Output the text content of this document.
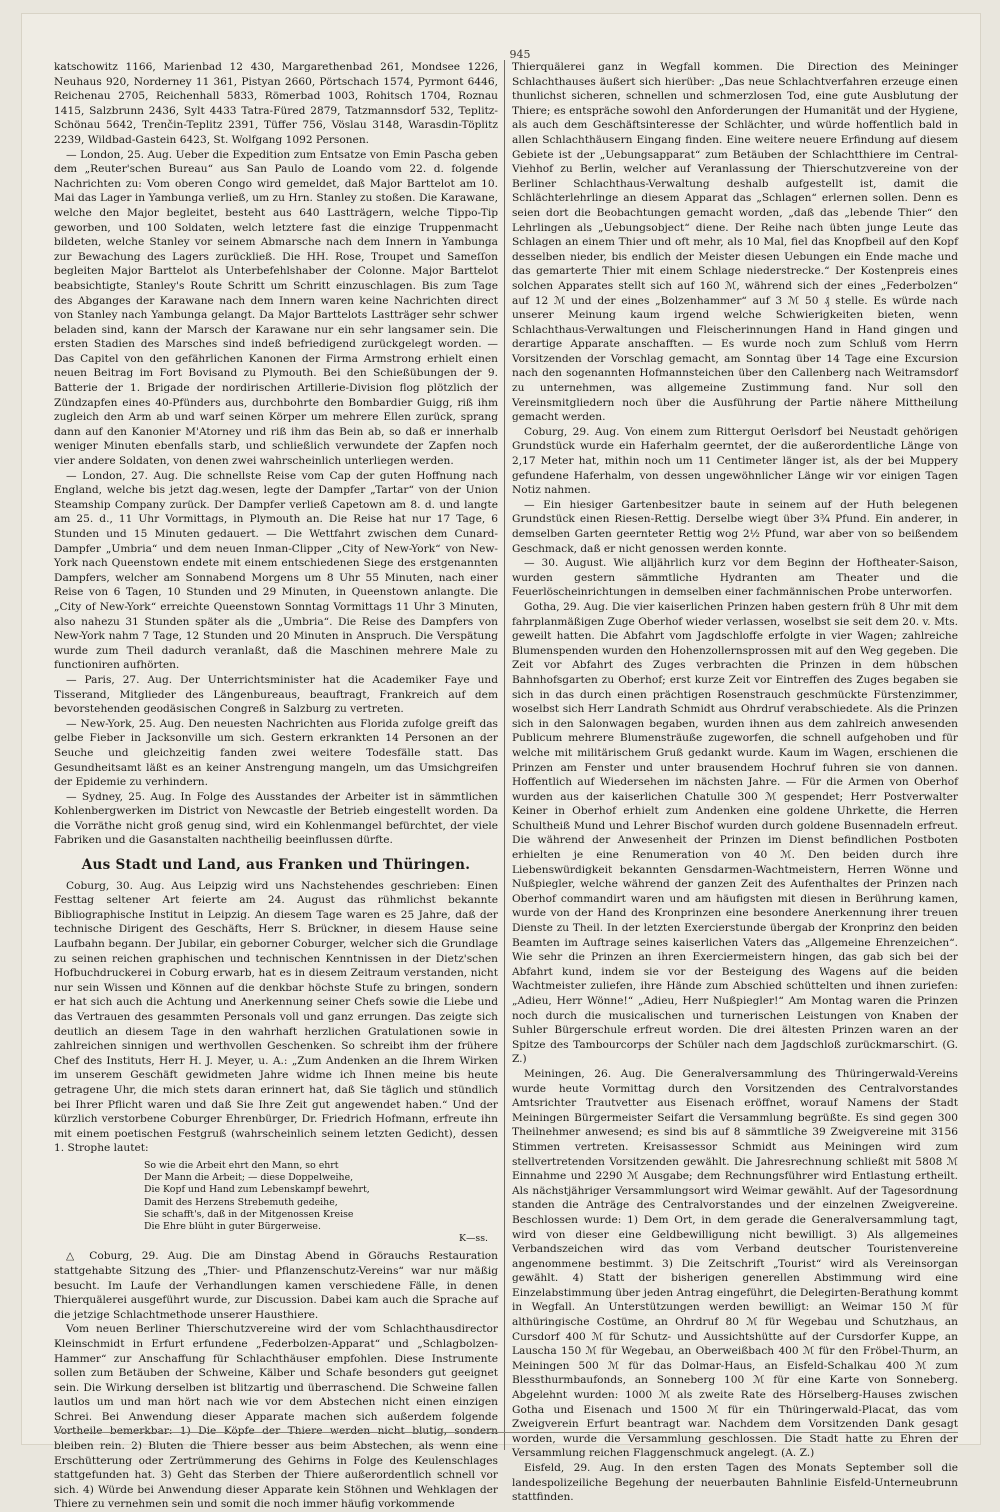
945

katschowitz 1166, Marienbad 12 430, Margarethenbad 261, Mondsee 1226, Neuhaus 920, Norderney 11 361, Pistyan 2660, Pörtschach 1574, Pyrmont 6446, Reichenau 2705, Reichenhall 5833, Römerbad 1003, Rohitsch 1704, Roznau 1415, Salzbrunn 2436, Sylt 4433 Tatra-Füred 2879, Tatzmannsdorf 532, Teplitz-Schönau 5642, Trenčin-Teplitz 2391, Tüffer 756, Vöslau 3148, Warasdin-Töplitz 2239, Wildbad-Gastein 6423, St. Wolfgang 1092 Personen.

— London, 25. Aug. Ueber die Expedition zum Entsatze von Emin Pascha geben dem „Reuter'schen Bureau“ aus San Paulo de Loando vom 22. d. folgende Nachrichten zu: Vom oberen Congo wird gemeldet, daß Major Barttelot am 10. Mai das Lager in Yambunga verließ, um zu Hrn. Stanley zu stoßen. Die Karawane, welche den Major begleitet, besteht aus 640 Lastträgern, welche Tippo-Tip geworben, und 100 Soldaten, welch letztere fast die einzige Truppenmacht bildeten, welche Stanley vor seinem Abmarsche nach dem Innern in Yambunga zur Bewachung des Lagers zurückließ. Die HH. Rose, Troupet und Sameſſon begleiten Major Barttelot als Unterbefehlshaber der Colonne. Major Barttelot beabsichtigte, Stanley's Route Schritt um Schritt einzuschlagen. Bis zum Tage des Abganges der Karawane nach dem Innern waren keine Nachrichten direct von Stanley nach Yambunga gelangt. Da Major Barttelots Lastträger sehr schwer beladen sind, kann der Marsch der Karawane nur ein sehr langsamer sein. Die ersten Stadien des Marsches sind indeß befriedigend zurückgelegt worden. — Das Capitel von den gefährlichen Kanonen der Firma Armstrong erhielt einen neuen Beitrag im Fort Bovisand zu Plymouth. Bei den Schießübungen der 9. Batterie der 1. Brigade der nordirischen Artillerie-Division flog plötzlich der Zündzapfen eines 40-Pfünders aus, durchbohrte den Bombardier Guigg, riß ihm zugleich den Arm ab und warf seinen Körper um mehrere Ellen zurück, sprang dann auf den Kanonier M'Atorney und riß ihm das Bein ab, so daß er innerhalb weniger Minuten ebenfalls starb, und schließlich verwundete der Zapfen noch vier andere Soldaten, von denen zwei wahrscheinlich unterliegen werden.

— London, 27. Aug. Die schnellste Reise vom Cap der guten Hoffnung nach England, welche bis jetzt dag.wesen, legte der Dampfer „Tartar“ von der Union Steamship Company zurück. Der Dampfer verließ Capetown am 8. d. und langte am 25. d., 11 Uhr Vormittags, in Plymouth an. Die Reise hat nur 17 Tage, 6 Stunden und 15 Minuten gedauert. — Die Wettfahrt zwischen dem Cunard-Dampfer „Umbria“ und dem neuen Inman-Clipper „City of New-York“ von New-York nach Queenstown endete mit einem entschiedenen Siege des erstgenannten Dampfers, welcher am Sonnabend Morgens um 8 Uhr 55 Minuten, nach einer Reise von 6 Tagen, 10 Stunden und 29 Minuten, in Queenstown anlangte. Die „City of New-York“ erreichte Queenstown Sonntag Vormittags 11 Uhr 3 Minuten, also nahezu 31 Stunden später als die „Umbria“. Die Reise des Dampfers von New-York nahm 7 Tage, 12 Stunden und 20 Minuten in Anspruch. Die Verspätung wurde zum Theil dadurch veranlaßt, daß die Maschinen mehrere Male zu functioniren aufhörten.

— Paris, 27. Aug. Der Unterrichtsminister hat die Academiker Faye und Tisserand, Mitglieder des Längenbureaus, beauftragt, Frankreich auf dem bevorstehenden geodäsischen Congreß in Salzburg zu vertreten.

— New-York, 25. Aug. Den neuesten Nachrichten aus Florida zufolge greift das gelbe Fieber in Jacksonville um sich. Gestern erkrankten 14 Personen an der Seuche und gleichzeitig fanden zwei weitere Todesfälle statt. Das Gesundheitsamt läßt es an keiner Anstrengung mangeln, um das Umsichgreifen der Epidemie zu verhindern.

— Sydney, 25. Aug. In Folge des Ausstandes der Arbeiter ist in sämmtlichen Kohlenbergwerken im District von Newcastle der Betrieb eingestellt worden. Da die Vorräthe nicht groß genug sind, wird ein Kohlenmangel befürchtet, der viele Fabriken und die Gasanstalten nachtheilig beeinflussen dürfte.

Aus Stadt und Land, aus Franken und Thüringen.

Coburg, 30. Aug. Aus Leipzig wird uns Nachstehendes geschrieben: Einen Festtag seltener Art feierte am 24. August das rühmlichst bekannte Bibliographische Institut in Leipzig. An diesem Tage waren es 25 Jahre, daß der technische Dirigent des Geschäfts, Herr S. Brückner, in diesem Hause seine Laufbahn begann. Der Jubilar, ein geborner Coburger, welcher sich die Grundlage zu seinen reichen graphischen und technischen Kenntnissen in der Dietz'schen Hofbuchdruckerei in Coburg erwarb, hat es in diesem Zeitraum verstanden, nicht nur sein Wissen und Können auf die denkbar höchste Stufe zu bringen, sondern er hat sich auch die Achtung und Anerkennung seiner Chefs sowie die Liebe und das Vertrauen des gesammten Personals voll und ganz errungen. Das zeigte sich deutlich an diesem Tage in den wahrhaft herzlichen Gratulationen sowie in zahlreichen sinnigen und werthvollen Geschenken. So schreibt ihm der frühere Chef des Instituts, Herr H. J. Meyer, u. A.: „Zum Andenken an die Ihrem Wirken im unserem Geschäft gewidmeten Jahre widme ich Ihnen meine bis heute getragene Uhr, die mich stets daran erinnert hat, daß Sie täglich und stündlich bei Ihrer Pflicht waren und daß Sie Ihre Zeit gut angewendet haben.“ Und der kürzlich verstorbene Coburger Ehrenbürger, Dr. Friedrich Hofmann, erfreute ihn mit einem poetischen Festgruß (wahrscheinlich seinem letzten Gedicht), dessen 1. Strophe lautet:

So wie die Arbeit ehrt den Mann, so ehrt
Der Mann die Arbeit; — diese Doppelweihe,
Die Kopf und Hand zum Lebenskampf bewehrt,
Damit des Herzens Strebemuth gedeihe,
Sie schafft's, daß in der Mitgenossen Kreise
Die Ehre blüht in guter Bürgerweise.
K—ss.

△ Coburg, 29. Aug. Die am Dinstag Abend in Görauchs Restauration stattgehabte Sitzung des „Thier- und Pflanzenschutz-Vereins“ war nur mäßig besucht. Im Laufe der Verhandlungen kamen verschiedene Fälle, in denen Thierquälerei ausgeführt wurde, zur Discussion. Dabei kam auch die Sprache auf die jetzige Schlachtmethode unserer Hausthiere.

Vom neuen Berliner Thierschutzvereine wird der vom Schlachthausdirector Kleinschmidt in Erfurt erfundene „Federbolzen-Apparat“ und „Schlagbolzen-Hammer“ zur Anschaffung für Schlachthäuser empfohlen. Diese Instrumente sollen zum Betäuben der Schweine, Kälber und Schafe besonders gut geeignet sein. Die Wirkung derselben ist blitzartig und überraschend. Die Schweine fallen lautlos um und man hört nach wie vor dem Abstechen nicht einen einzigen Schrei. Bei Anwendung dieser Apparate machen sich außerdem folgende bleiben rein. 2) Bluten die Thiere besser aus beim Abstechen, als wenn eine Erschütterung oder Zertrümmerung des Gehirns in Folge des Keulenschlages stattgefunden hat. 3) Geht das Sterben der Thiere außerordentlich schnell vor sich. 4) Würde bei Anwendung dieser Apparate kein Stöhnen und Wehklagen der Thiere zu vernehmen sein und somit die noch immer häufig vorkommende

Thierquälerei ganz in Wegfall kommen. Die Direction des Meininger Schlachthauses äußert sich hierüber: „Das neue Schlachtverfahren erzeuge einen thunlichst sicheren, schnellen und schmerzlosen Tod, eine gute Ausblutung der Thiere; es entspräche sowohl den Anforderungen der Humanität und der Hygiene, als auch dem Geschäftsinteresse der Schlächter, und würde hoffentlich bald in allen Schlachthäusern Eingang finden. Eine weitere neuere Erfindung auf diesem Gebiete ist der „Uebungsapparat“ zum Betäuben der Schlachtthiere im Central-Viehhof zu Berlin, welcher auf Veranlassung der Thierschutzvereine von der Berliner Schlachthaus-Verwaltung deshalb aufgestellt ist, damit die Schlächterlehrlinge an diesem Apparat das „Schlagen“ erlernen sollen. Denn es seien dort die Beobachtungen gemacht worden, „daß das „lebende Thier“ den Lehrlingen als „Uebungsobject“ diene. Der Reihe nach übten junge Leute das Schlagen an einem Thier und oft mehr, als 10 Mal, fiel das Knopfbeil auf den Kopf desselben nieder, bis endlich der Meister diesen Uebungen ein Ende mache und das gemarterte Thier mit einem Schlage niederstrecke.“ Der Kostenpreis eines solchen Apparates stellt sich auf 160 ℳ, während sich der eines „Federbolzen“ auf 12 ℳ und der eines „Bolzenhammer“ auf 3 ℳ 50 ₰ stelle. Es würde nach unserer Meinung kaum irgend welche Schwierigkeiten bieten, wenn Schlachthaus-Verwaltungen und Fleischerinnungen Hand in Hand gingen und derartige Apparate anschafften. — Es wurde noch zum Schluß vom Herrn Vorsitzenden der Vorschlag gemacht, am Sonntag über 14 Tage eine Excursion nach den sogenannten Hofmannsteichen über den Callenberg nach Weitramsdorf zu unternehmen, was allgemeine Zustimmung fand. Nur soll den Vereinsmitgliedern noch über die Ausführung der Partie nähere Mittheilung gemacht werden.

Coburg, 29. Aug. Von einem zum Rittergut Oerlsdorf bei Neustadt gehörigen Grundstück wurde ein Haferhalm geerntet, der die außerordentliche Länge von 2,17 Meter hat, mithin noch um 11 Centimeter länger ist, als der bei Muppery gefundene Haferhalm, von dessen ungewöhnlicher Länge wir vor einigen Tagen Notiz nahmen.

— Ein hiesiger Gartenbesitzer baute in seinem auf der Huth belegenen Grundstück einen Riesen-Rettig. Derselbe wiegt über 3¾ Pfund. Ein anderer, in demselben Garten geernteter Rettig wog 2½ Pfund, war aber von so beißendem Geschmack, daß er nicht genossen werden konnte.

— 30. August. Wie alljährlich kurz vor dem Beginn der Hoftheater-Saison, wurden gestern sämmtliche Hydranten am Theater und die Feuerlöscheinrichtungen in demselben einer fachmännischen Probe unterworfen.

Gotha, 29. Aug. Die vier kaiserlichen Prinzen haben gestern früh 8 Uhr mit dem fahrplanmäßigen Zuge Oberhof wieder verlassen, woselbst sie seit dem 20. v. Mts. geweilt hatten. Die Abfahrt vom Jagdschloffe erfolgte in vier Wagen; zahlreiche Blumenspenden wurden den Hohenzollernsprossen mit auf den Weg gegeben. Die Zeit vor Abfahrt des Zuges verbrachten die Prinzen in dem hübschen Bahnhofsgarten zu Oberhof; erst kurze Zeit vor Eintreffen des Zuges begaben sie sich in das durch einen prächtigen Rosenstrauch geschmückte Fürstenzimmer, woselbst sich Herr Landrath Schmidt aus Ohrdruf verabschiedete. Als die Prinzen sich in den Salonwagen begaben, wurden ihnen aus dem zahlreich anwesenden Publicum mehrere Blumensträuße zugeworfen, die schnell aufgehoben und für welche mit militärischem Gruß gedankt wurde. Kaum im Wagen, erschienen die Prinzen am Fenster und unter brausendem Hochruf fuhren sie von dannen. Hoffentlich auf Wiedersehen im nächsten Jahre. — Für die Armen von Oberhof wurden aus der kaiserlichen Chatulle 300 ℳ gespendet; Herr Postverwalter Keiner in Oberhof erhielt zum Andenken eine goldene Uhrkette, die Herren Schultheiß Mund und Lehrer Bischof wurden durch goldene Busennadeln erfreut. Die während der Anwesenheit der Prinzen im Dienst befindlichen Postboten erhielten je eine Renumeration von 40 ℳ. Den beiden durch ihre Liebenswürdigkeit bekannten Gensdarmen-Wachtmeistern, Herren Wönne und Nußpiegler, welche während der ganzen Zeit des Aufenthaltes der Prinzen nach Oberhof commandirt waren und am häufigsten mit diesen in Berührung kamen, wurde von der Hand des Kronprinzen eine besondere Anerkennung ihrer treuen Dienste zu Theil. In der letzten Exercierstunde übergab der Kronprinz den beiden Beamten im Auftrage seines kaiserlichen Vaters das „Allgemeine Ehrenzeichen“. Wie sehr die Prinzen an ihren Exerciermeistern hingen, das gab sich bei der Abfahrt kund, indem sie vor der Besteigung des Wagens auf die beiden Wachtmeister zuliefen, ihre Hände zum Abschied schüttelten und ihnen zuriefen: „Adieu, Herr Wönne!“ „Adieu, Herr Nußpiegler!“ Am Montag waren die Prinzen noch durch die musicalischen und turnerischen Leistungen von Knaben der Suhler Bürgerschule erfreut worden. Die drei ältesten Prinzen waren an der Spitze des Tambourcorps der Schüler nach dem Jagdschloß zurückmarschirt. (G. Z.)

Meiningen, 26. Aug. Die Generalversammlung des Thüringerwald-Vereins wurde heute Vormittag durch den Vorsitzenden des Centralvorstandes Amtsrichter Trautvetter aus Eisenach eröffnet, worauf Namens der Stadt Meiningen Bürgermeister Seifart die Versammlung begrüßte. Es sind gegen 300 Theilnehmer anwesend; es sind bis auf 8 sämmtliche 39 Zweigvereine mit 3156 Stimmen vertreten. Kreisassessor Schmidt aus Meiningen wird zum stellvertretenden Vorsitzenden gewählt. Die Jahresrechnung schließt mit 5808 ℳ Einnahme und 2290 ℳ Ausgabe; dem Rechnungsführer wird Entlastung ertheilt. Als nächstjähriger Versammlungsort wird Weimar gewählt. Auf der Tagesordnung standen die Anträge des Centralvorstandes und der einzelnen Zweigvereine. Beschlossen wurde: 1) Dem Ort, in dem gerade die Generalversammlung tagt, wird von dieser eine Geldbewilligung nicht bewilligt. 3) Als allgemeines Verbandszeichen wird das vom Verband deutscher Touristenvereine angenommene bestimmt. 3) Die Zeitschrift „Tourist“ wird als Vereinsorgan gewählt. 4) Statt der bisherigen generellen Abstimmung wird eine Einzelabstimmung über jeden Antrag eingeführt, die Delegirten-Berathung kommt in Wegfall. An Unterstützungen werden bewilligt: an Weimar 150 ℳ für althüringische Costüme, an Ohrdruf 80 ℳ für Wegebau und Schutzhaus, an Cursdorf 400 ℳ für Schutz- und Aussichtshütte auf der Cursdorfer Kuppe, an Lauscha 150 ℳ für Wegebau, an Oberweißbach 400 ℳ für den Fröbel-Thurm, an Meiningen 500 ℳ für das Dolmar-Haus, an Eisfeld-Schalkau 400 ℳ zum Blessthurmbaufonds, an Sonneberg 100 ℳ für eine Karte von Sonneberg. Abgelehnt wurden: 1000 ℳ als zweite Rate des Hörselberg-Hauses zwischen Gotha und Eisenach und 1500 ℳ für ein Thüringerwald-Placat, das vom Zweigverein Erfurt beantragt war. Nachdem dem Vorsitzenden Dank gesagt worden, wurde die Versammlung geschlossen. Die Stadt hatte zu Ehren der Versammlung reichen Flaggenschmuck angelegt. (A. Z.)

Eisfeld, 29. Aug. In den ersten Tagen des Monats September soll die landespolizeiliche Begehung der neuerbauten Bahnlinie Eisfeld-Unterneubrunn stattfinden.
